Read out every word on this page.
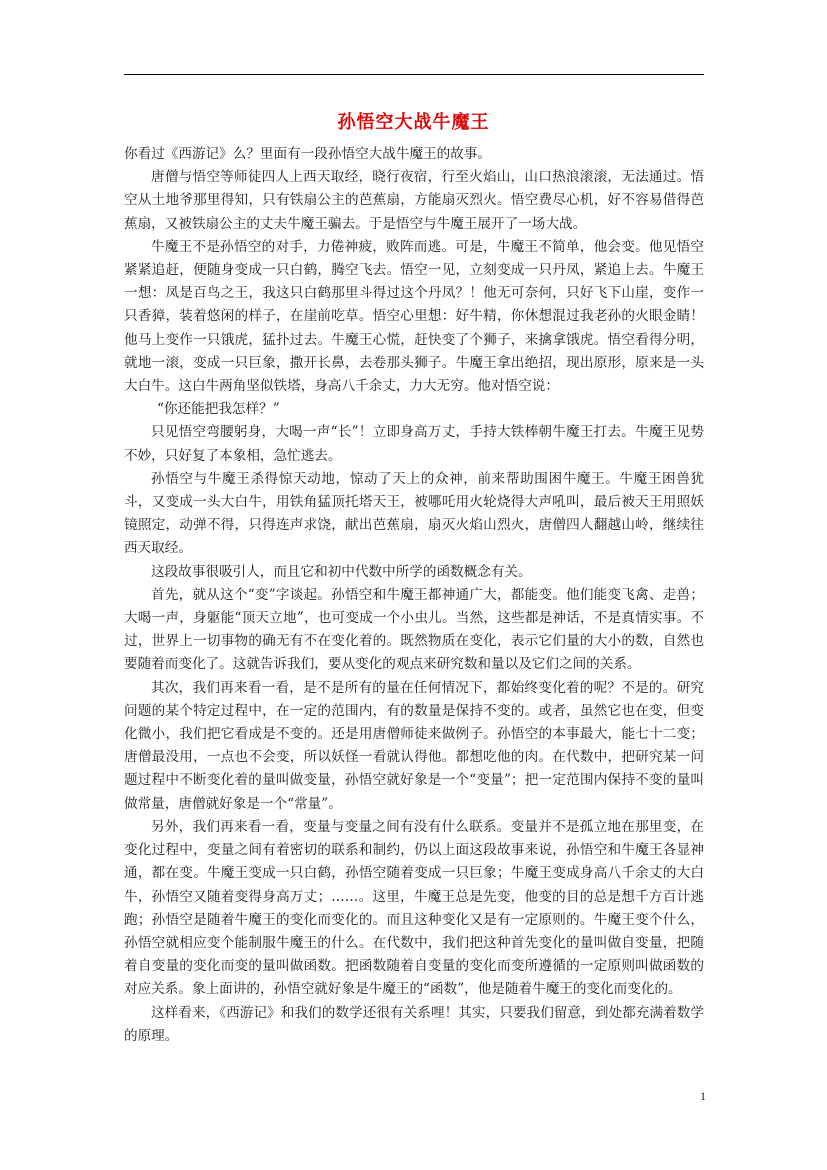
孙悟空大战牛魔王

你看过《西游记》么？里面有一段孙悟空大战牛魔王的故事。

唐僧与悟空等师徒四人上西天取经，晓行夜宿，行至火焰山，山口热浪滚滚，无法通过。悟空从土地爷那里得知，只有铁扇公主的芭蕉扇，方能扇灭烈火。悟空费尽心机，好不容易借得芭蕉扇，又被铁扇公主的丈夫牛魔王骗去。于是悟空与牛魔王展开了一场大战。

牛魔王不是孙悟空的对手，力倦神疲，败阵而逃。可是，牛魔王不简单，他会变。他见悟空紧紧追赶，便随身变成一只白鹤，腾空飞去。悟空一见，立刻变成一只丹凤，紧追上去。牛魔王一想：凤是百鸟之王，我这只白鹤那里斗得过这个丹凤？！他无可奈何，只好飞下山崖，变作一只香獐，装着悠闲的样子，在崖前吃草。悟空心里想：好牛精，你休想混过我老孙的火眼金睛！他马上变作一只饿虎，猛扑过去。牛魔王心慌，赶快变了个狮子，来擒拿饿虎。悟空看得分明，就地一滚，变成一只巨象，撒开长鼻，去卷那头狮子。牛魔王拿出绝招，现出原形，原来是一头大白牛。这白牛两角坚似铁塔，身高八千余丈，力大无穷。他对悟空说：

“你还能把我怎样？”

只见悟空弯腰躬身，大喝一声“长”！立即身高万丈，手持大铁棒朝牛魔王打去。牛魔王见势不妙，只好复了本象相，急忙逃去。

孙悟空与牛魔王杀得惊天动地，惊动了天上的众神，前来帮助围困牛魔王。牛魔王困兽犹斗，又变成一头大白牛，用铁角猛顶托塔天王，被哪吒用火轮烧得大声吼叫，最后被天王用照妖镜照定，动弹不得，只得连声求饶，献出芭蕉扇，扇灭火焰山烈火，唐僧四人翻越山岭，继续往西天取经。

这段故事很吸引人，而且它和初中代数中所学的函数概念有关。

首先，就从这个“变”字谈起。孙悟空和牛魔王都神通广大，都能变。他们能变飞禽、走兽；大喝一声，身躯能“顶天立地”，也可变成一个小虫儿。当然，这些都是神话，不是真情实事。不过，世界上一切事物的确无有不在变化着的。既然物质在变化，表示它们量的大小的数，自然也要随着而变化了。这就告诉我们，要从变化的观点来研究数和量以及它们之间的关系。

其次，我们再来看一看，是不是所有的量在任何情况下，都始终变化着的呢？不是的。研究问题的某个特定过程中，在一定的范围内，有的数量是保持不变的。或者，虽然它也在变，但变化微小，我们把它看成是不变的。还是用唐僧师徒来做例子。孙悟空的本事最大，能七十二变；唐僧最没用，一点也不会变，所以妖怪一看就认得他。都想吃他的肉。在代数中，把研究某一问题过程中不断变化着的量叫做变量，孙悟空就好象是一个“变量”；把一定范围内保持不变的量叫做常量，唐僧就好象是一个“常量”。

另外，我们再来看一看，变量与变量之间有没有什么联系。变量并不是孤立地在那里变，在变化过程中，变量之间有着密切的联系和制约，仍以上面这段故事来说，孙悟空和牛魔王各显神通，都在变。牛魔王变成一只白鹤，孙悟空随着变成一只巨象；牛魔王变成身高八千余丈的大白牛，孙悟空又随着变得身高万丈；……。这里，牛魔王总是先变，他变的目的总是想千方百计逃跑；孙悟空是随着牛魔王的变化而变化的。而且这种变化又是有一定原则的。牛魔王变个什么，孙悟空就相应变个能制服牛魔王的什么。在代数中，我们把这种首先变化的量叫做自变量，把随着自变量的变化而变的量叫做函数。把函数随着自变量的变化而变所遵循的一定原则叫做函数的对应关系。象上面讲的，孙悟空就好象是牛魔王的“函数”，他是随着牛魔王的变化而变化的。

这样看来，《西游记》和我们的数学还很有关系哩！其实，只要我们留意，到处都充满着数学的原理。

1
